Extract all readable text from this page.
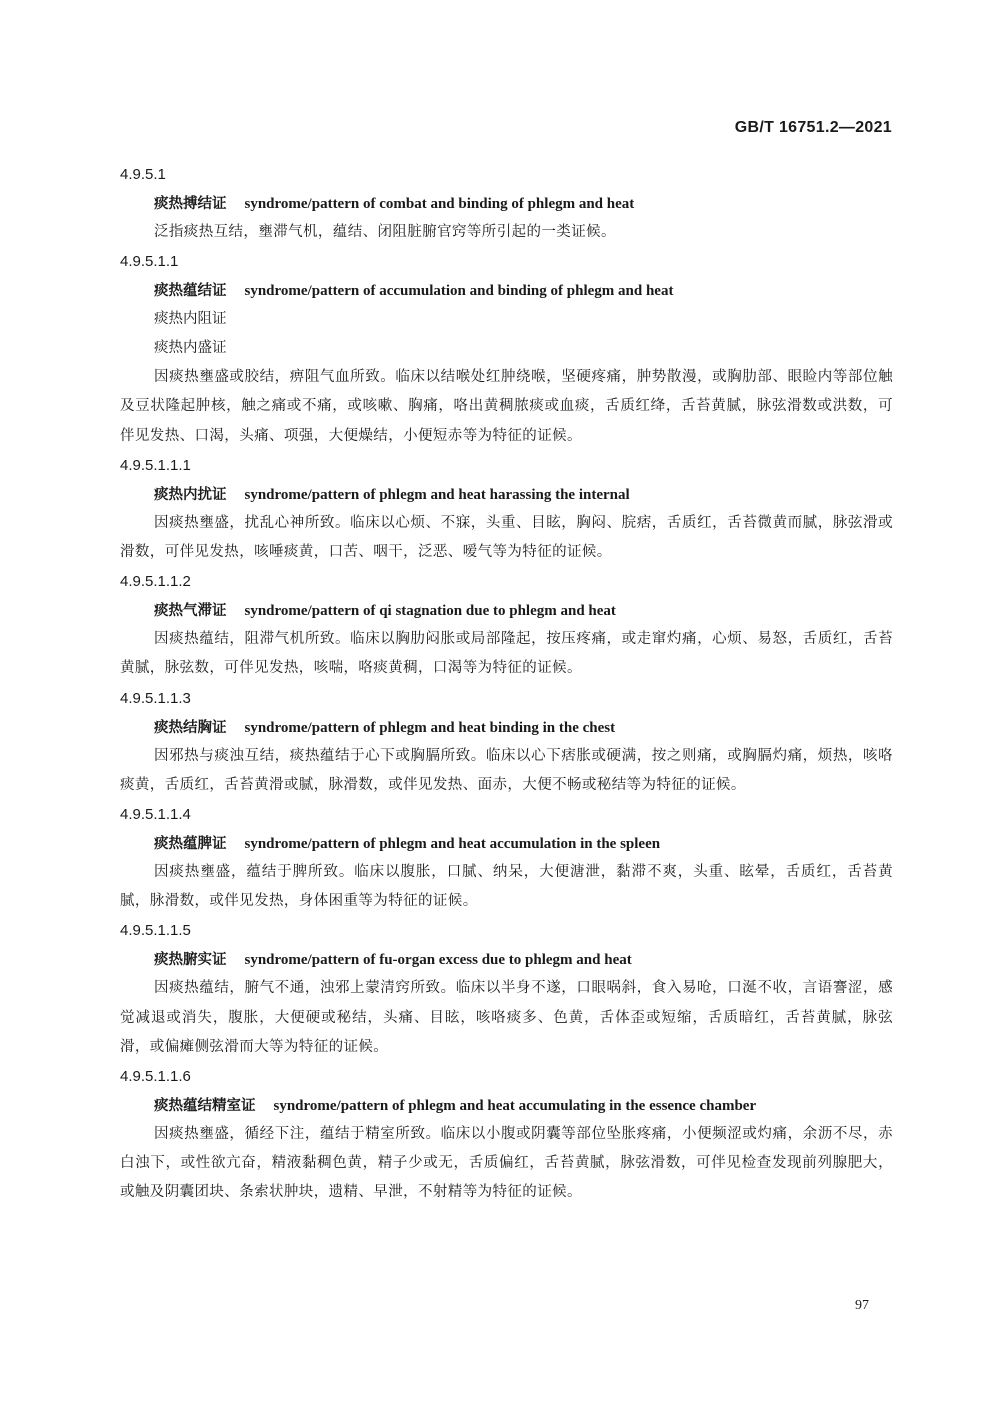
GB/T 16751.2—2021
4.9.5.1
痰热搏结证 syndrome/pattern of combat and binding of phlegm and heat

泛指痰热互结，壅滞气机，蕴结、闭阻脏腑官窍等所引起的一类证候。

4.9.5.1.1
痰热蕴结证 syndrome/pattern of accumulation and binding of phlegm and heat
痰热内阻证
痰热内盛证

因痰热壅盛或胶结，痹阻气血所致。临床以结喉处红肿绕喉，坚硬疼痛，肿势散漫，或胸肋部、眼睑内等部位触及豆状隆起肿核，触之痛或不痛，或咳嗽、胸痛，咯出黄稠脓痰或血痰，舌质红绛，舌苔黄腻，脉弦滑数或洪数，可伴见发热、口渴，头痛、项强，大便燥结，小便短赤等为特征的证候。

4.9.5.1.1.1
痰热内扰证 syndrome/pattern of phlegm and heat harassing the internal

因痰热壅盛，扰乱心神所致。临床以心烦、不寐，头重、目眩，胸闷、脘痞，舌质红，舌苔微黄而腻，脉弦滑或滑数，可伴见发热，咳唾痰黄，口苦、咽干，泛恶、嗳气等为特征的证候。

4.9.5.1.1.2
痰热气滞证 syndrome/pattern of qi stagnation due to phlegm and heat

因痰热蕴结，阻滞气机所致。临床以胸肋闷胀或局部隆起，按压疼痛，或走窜灼痛，心烦、易怒，舌质红，舌苔黄腻，脉弦数，可伴见发热，咳喘，咯痰黄稠，口渴等为特征的证候。

4.9.5.1.1.3
痰热结胸证 syndrome/pattern of phlegm and heat binding in the chest

因邪热与痰浊互结，痰热蕴结于心下或胸膈所致。临床以心下痞胀或硬满，按之则痛，或胸膈灼痛，烦热，咳咯痰黄，舌质红，舌苔黄滑或腻，脉滑数，或伴见发热、面赤，大便不畅或秘结等为特征的证候。

4.9.5.1.1.4
痰热蕴脾证 syndrome/pattern of phlegm and heat accumulation in the spleen

因痰热壅盛，蕴结于脾所致。临床以腹胀，口腻、纳呆，大便溏泄，黏滞不爽，头重、眩晕，舌质红，舌苔黄腻，脉滑数，或伴见发热，身体困重等为特征的证候。

4.9.5.1.1.5
痰热腑实证 syndrome/pattern of fu-organ excess due to phlegm and heat

因痰热蕴结，腑气不通，浊邪上蒙清窍所致。临床以半身不遂，口眼㖞斜，食入易呛，口涎不收，言语謇涩，感觉减退或消失，腹胀，大便硬或秘结，头痛、目眩，咳咯痰多、色黄，舌体歪或短缩，舌质暗红，舌苔黄腻，脉弦滑，或偏瘫侧弦滑而大等为特征的证候。

4.9.5.1.1.6
痰热蕴结精室证 syndrome/pattern of phlegm and heat accumulating in the essence chamber

因痰热壅盛，循经下注，蕴结于精室所致。临床以小腹或阴囊等部位坠胀疼痛，小便频涩或灼痛，余沥不尽，赤白浊下，或性欲亢奋，精液黏稠色黄，精子少或无，舌质偏红，舌苔黄腻，脉弦滑数，可伴见检查发现前列腺肥大，或触及阴囊团块、条索状肿块，遗精、早泄，不射精等为特征的证候。

97
